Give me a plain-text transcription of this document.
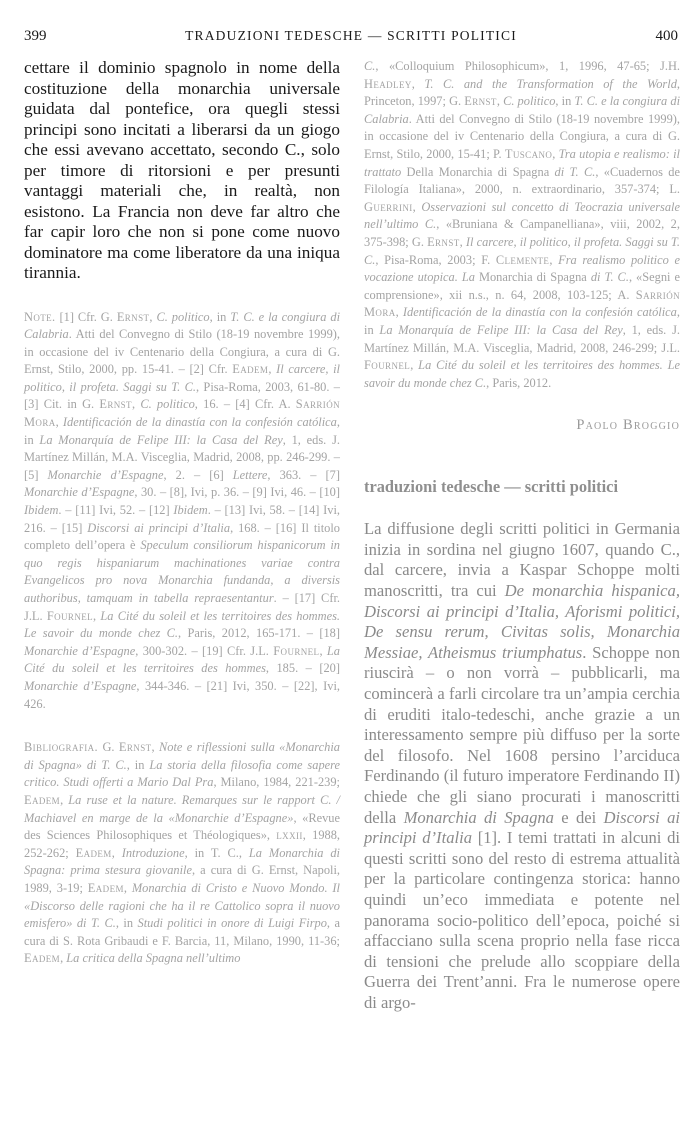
399	TRADUZIONI TEDESCHE — SCRITTI POLITICI	400

cettare il dominio spagnolo in nome della costituzione della monarchia universale guidata dal pontefice, ora quegli stessi principi sono incitati a liberarsi da un giogo che essi avevano accettato, secondo C., solo per timore di ritorsioni e per presunti vantaggi materiali che, in realtà, non esistono. La Francia non deve far altro che far capir loro che non si pone come nuovo dominatore ma come liberatore da una iniqua tirannia.

Note. [1] Cfr. G. Ernst, C. politico, in T. C. e la congiura di Calabria. Atti del Convegno di Stilo (18-19 novembre 1999), in occasione del iv Centenario della Congiura, a cura di G. Ernst, Stilo, 2000, pp. 15-41. – [2] Cfr. Eadem, Il carcere, il politico, il profeta. Saggi su T. C., Pisa-Roma, 2003, 61-80. – [3] Cit. in G. Ernst, C. politico, 16. – [4] Cfr. A. Sarrión Mora, Identificación de la dinastía con la confesión católica, in La Monarquía de Felipe III: la Casa del Rey, 1, eds. J. Martínez Millán, M.A. Visceglia, Madrid, 2008, pp. 246-299. – [5] Monarchie d’Espagne, 2. – [6] Lettere, 363. – [7] Monarchie d’Espagne, 30. – [8], Ivi, p. 36. – [9] Ivi, 46. – [10] Ibidem. – [11] Ivi, 52. – [12] Ibidem. – [13] Ivi, 58. – [14] Ivi, 216. – [15] Discorsi ai principi d’Italia, 168. – [16] Il titolo completo dell’opera è Speculum consiliorum hispanicorum in quo regis hispaniarum machinationes variae contra Evangelicos pro nova Monarchia fundanda, a diversis authoribus, tamquam in tabella repraesentantur. – [17] Cfr. J.L. Fournel, La Cité du soleil et les territoires des hommes. Le savoir du monde chez C., Paris, 2012, 165-171. – [18] Monarchie d’Espagne, 300-302. – [19] Cfr. J.L. Fournel, La Cité du soleil et les territoires des hommes, 185. – [20] Monarchie d’Espagne, 344-346. – [21] Ivi, 350. – [22], Ivi, 426.

Bibliografia. G. Ernst, Note e riflessioni sulla «Monarchia di Spagna» di T. C., in La storia della filosofia come sapere critico. Studi offerti a Mario Dal Pra, Milano, 1984, 221-239; Eadem, La ruse et la nature. Remarques sur le rapport C. / Machiavel en marge de la «Monarchie d’Espagne», «Revue des Sciences Philosophiques et Théologiques», lxxii, 1988, 252-262; Eadem, Introduzione, in T. C., La Monarchia di Spagna: prima stesura giovanile, a cura di G. Ernst, Napoli, 1989, 3-19; Eadem, Monarchia di Cristo e Nuovo Mondo. Il «Discorso delle ragioni che ha il re Cattolico sopra il nuovo emisfero» di T. C., in Studi politici in onore di Luigi Firpo, a cura di S. Rota Gribaudi e F. Barcia, 11, Milano, 1990, 11-36; Eadem, La critica della Spagna nell’ultimo

C., «Colloquium Philosophicum», 1, 1996, 47-65; J.H. Headley, T. C. and the Transformation of the World, Princeton, 1997; G. Ernst, C. politico, in T. C. e la congiura di Calabria. Atti del Convegno di Stilo (18-19 novembre 1999), in occasione del iv Centenario della Congiura, a cura di G. Ernst, Stilo, 2000, 15-41; P. Tuscano, Tra utopia e realismo: il trattato Della Monarchia di Spagna di T. C., «Cuadernos de Filología Italiana», 2000, n. extraordinario, 357-374; L. Guerrini, Osservazioni sul concetto di Teocrazia universale nell’ultimo C., «Bruniana & Campanelliana», viii, 2002, 2, 375-398; G. Ernst, Il carcere, il politico, il profeta. Saggi su T. C., Pisa-Roma, 2003; F. Clemente, Fra realismo politico e vocazione utopica. La Monarchia di Spagna di T. C., «Segni e comprensione», xii n.s., n. 64, 2008, 103-125; A. Sarrión Mora, Identificación de la dinastía con la confesión católica, in La Monarquía de Felipe III: la Casa del Rey, 1, eds. J. Martínez Millán, M.A. Visceglia, Madrid, 2008, 246-299; J.L. Fournel, La Cité du soleil et les territoires des hommes. Le savoir du monde chez C., Paris, 2012.

Paolo Broggio
traduzioni tedesche — scritti politici

La diffusione degli scritti politici in Germania inizia in sordina nel giugno 1607, quando C., dal carcere, invia a Kaspar Schoppe molti manoscritti, tra cui De monarchia hispanica, Discorsi ai principi d’Italia, Aforismi politici, De sensu rerum, Civitas solis, Monarchia Messiae, Atheismus triumphatus. Schoppe non riuscirà – o non vorrà – pubblicarli, ma comincerà a farli circolare tra un’ampia cerchia di eruditi italo-tedeschi, anche grazie a un interessamento sempre più diffuso per la sorte del filosofo. Nel 1608 persino l’arciduca Ferdinando (il futuro imperatore Ferdinando II) chiede che gli siano procurati i manoscritti della Monarchia di Spagna e dei Discorsi ai principi d’Italia [1]. I temi trattati in alcuni di questi scritti sono del resto di estrema attualità per la particolare contingenza storica: hanno quindi un’eco immediata e potente nel panorama socio-politico dell’epoca, poiché si affacciano sulla scena proprio nella fase ricca di tensioni che prelude allo scoppiare della Guerra dei Trent’anni. Fra le numerose opere di argo-
